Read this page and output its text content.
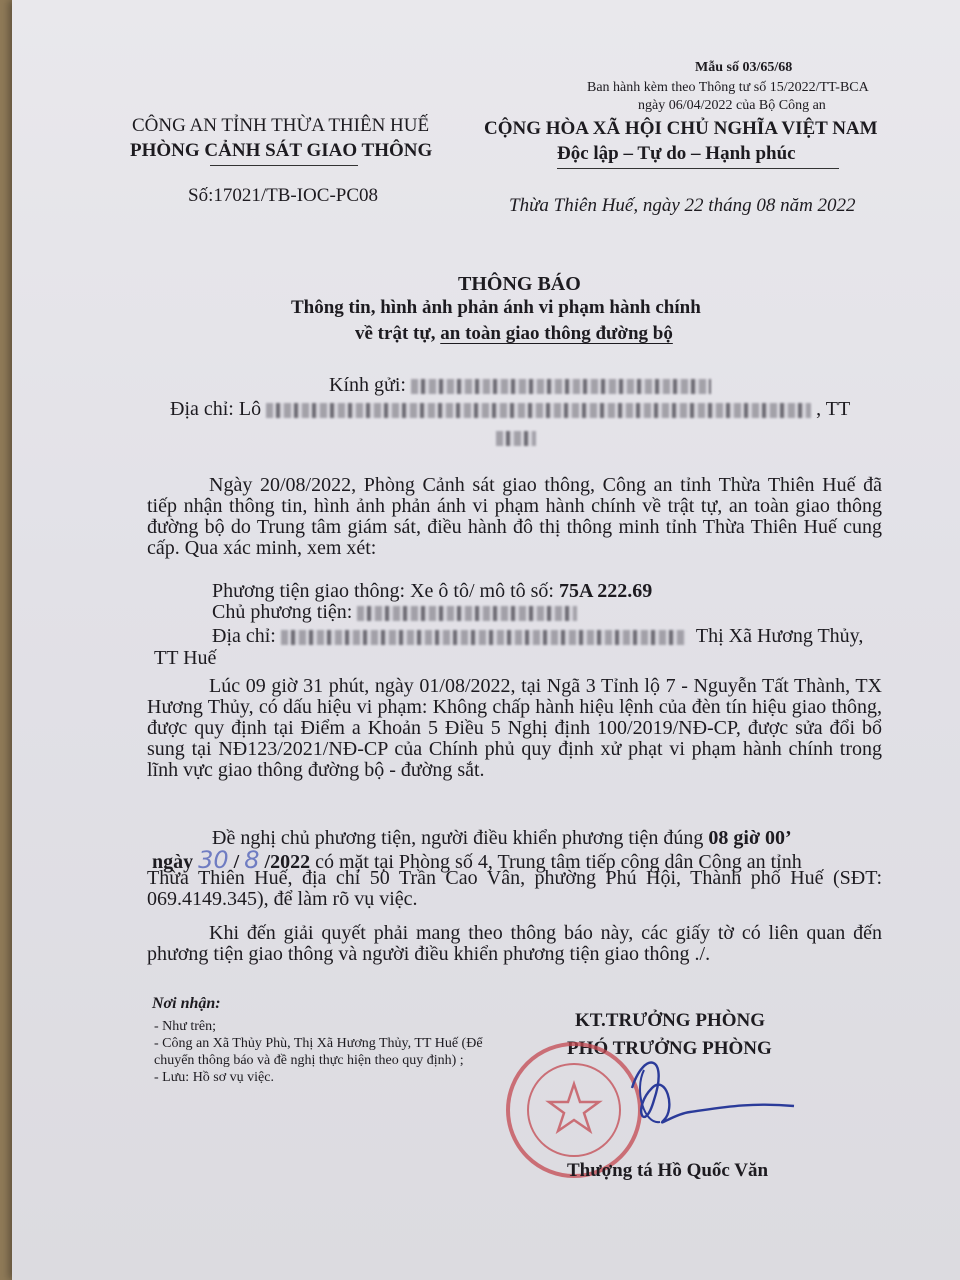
Mẫu số 03/65/68
Ban hành kèm theo Thông tư số 15/2022/TT-BCA
ngày 06/04/2022 của Bộ Công an
CÔNG AN TỈNH THỪA THIÊN HUẾ
PHÒNG CẢNH SÁT GIAO THÔNG
Số:17021/TB-IOC-PC08
CỘNG HÒA XÃ HỘI CHỦ NGHĨA VIỆT NAM
Độc lập – Tự do – Hạnh phúc
Thừa Thiên Huế, ngày 22 tháng 08 năm 2022
THÔNG BÁO
Thông tin, hình ảnh phản ánh vi phạm hành chính
về trật tự, an toàn giao thông đường bộ
Kính gửi:
Địa chỉ: Lô	, TT
Ngày 20/08/2022, Phòng Cảnh sát giao thông, Công an tỉnh Thừa Thiên Huế đã tiếp nhận thông tin, hình ảnh phản ánh vi phạm hành chính về trật tự, an toàn giao thông đường bộ do Trung tâm giám sát, điều hành đô thị thông minh tỉnh Thừa Thiên Huế cung cấp. Qua xác minh, xem xét:
Phương tiện giao thông: Xe ô tô/ mô tô số: 75A 222.69
Chủ phương tiện:
Địa chỉ:	Thị Xã Hương Thủy,
TT Huế
Lúc 09 giờ 31 phút, ngày 01/08/2022, tại Ngã 3 Tỉnh lộ 7 - Nguyễn Tất Thành, TX Hương Thủy, có dấu hiệu vi phạm: Không chấp hành hiệu lệnh của đèn tín hiệu giao thông, được quy định tại Điểm a Khoản 5 Điều 5 Nghị định 100/2019/NĐ-CP, được sửa đổi bổ sung tại NĐ123/2021/NĐ-CP của Chính phủ quy định xử phạt vi phạm hành chính trong lĩnh vực giao thông đường bộ - đường sắt.
Đề nghị chủ phương tiện, người điều khiển phương tiện đúng 08 giờ 00’
ngày 30 / 8 /2022 có mặt tại Phòng số 4, Trung tâm tiếp công dân Công an tỉnh
Thừa Thiên Huế, địa chỉ 50 Trần Cao Vân, phường Phú Hội, Thành phố Huế (SĐT: 069.4149.345), để làm rõ vụ việc.
Khi đến giải quyết phải mang theo thông báo này, các giấy tờ có liên quan đến phương tiện giao thông và người điều khiển phương tiện giao thông ./.
Nơi nhận:
- Như trên;
- Công an Xã Thủy Phù, Thị Xã Hương Thủy, TT Huế (Để chuyển thông báo và đề nghị thực hiện theo quy định) ;
- Lưu: Hồ sơ vụ việc.
KT.TRƯỞNG PHÒNG
PHÓ TRƯỞNG PHÒNG
Thượng tá Hồ Quốc Văn
